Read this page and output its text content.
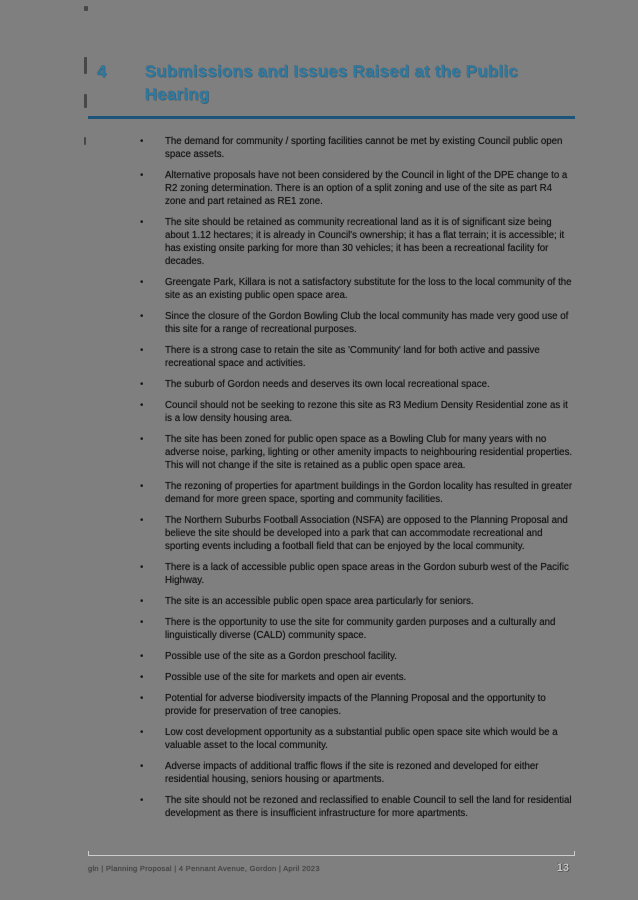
4	Submissions and Issues Raised at the Public Hearing
•	The demand for community / sporting facilities cannot be met by existing Council public open space assets.
•	Alternative proposals have not been considered by the Council in light of the DPE change to a R2 zoning determination. There is an option of a split zoning and use of the site as part R4 zone and part retained as RE1 zone.
•	The site should be retained as community recreational land as it is of significant size being about 1.12 hectares; it is already in Council's ownership; it has a flat terrain; it is accessible; it has existing onsite parking for more than 30 vehicles; it has been a recreational facility for decades.
•	Greengate Park, Killara is not a satisfactory substitute for the loss to the local community of the site as an existing public open space area.
•	Since the closure of the Gordon Bowling Club the local community has made very good use of this site for a range of recreational purposes.
•	There is a strong case to retain the site as 'Community' land for both active and passive recreational space and activities.
•	The suburb of Gordon needs and deserves its own local recreational space.
•	Council should not be seeking to rezone this site as R3 Medium Density Residential zone as it is a low density housing area.
•	The site has been zoned for public open space as a Bowling Club for many years with no adverse noise, parking, lighting or other amenity impacts to neighbouring residential properties. This will not change if the site is retained as a public open space area.
•	The rezoning of properties for apartment buildings in the Gordon locality has resulted in greater demand for more green space, sporting and community facilities.
•	The Northern Suburbs Football Association (NSFA) are opposed to the Planning Proposal and believe the site should be developed into a park that can accommodate recreational and sporting events including a football field that can be enjoyed by the local community.
•	There is a lack of accessible public open space areas in the Gordon suburb west of the Pacific Highway.
•	The site is an accessible public open space area particularly for seniors.
•	There is the opportunity to use the site for community garden purposes and a culturally and linguistically diverse (CALD) community space.
•	Possible use of the site as a Gordon preschool facility.
•	Possible use of the site for markets and open air events.
•	Potential for adverse biodiversity impacts of the Planning Proposal and the opportunity to provide for preservation of tree canopies.
•	Low cost development opportunity as a substantial public open space site which would be a valuable asset to the local community.
•	Adverse impacts of additional traffic flows if the site is rezoned and developed for either residential housing, seniors housing or apartments.
•	The site should not be rezoned and reclassified to enable Council to sell the land for residential development as there is insufficient infrastructure for more apartments.
gln | Planning Proposal | 4 Pennant Avenue, Gordon | April 2023	13
